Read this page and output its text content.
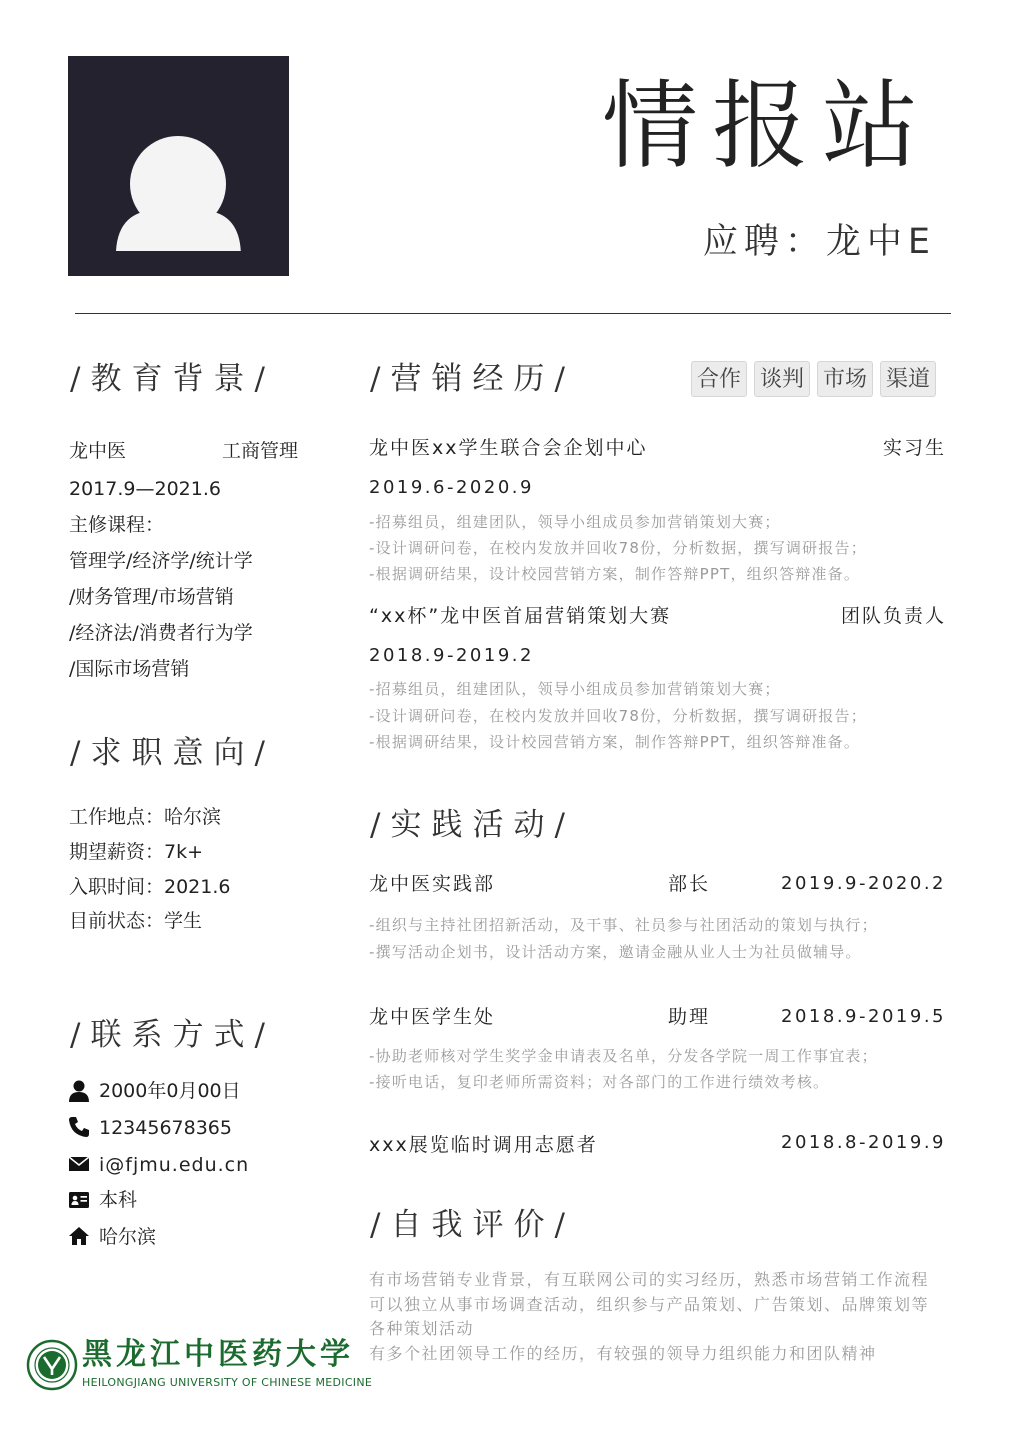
情报站
应聘：龙中E
/教育背景/
龙中医	工商管理
2017.9—2021.6
主修课程：
管理学/经济学/统计学
/财务管理/市场营销
/经济法/消费者行为学
/国际市场营销
/求职意向/
工作地点：哈尔滨
期望薪资：7k+
入职时间：2021.6
目前状态：学生
/联系方式/
2000年0月00日
12345678365
i@fjmu.edu.cn
本科
哈尔滨
/营销经历/	合作 谈判 市场 渠道
龙中医xx学生联合会企划中心	实习生
2019.6-2020.9
-招募组员，组建团队，领导小组成员参加营销策划大赛；
-设计调研问卷，在校内发放并回收78份，分析数据，撰写调研报告；
-根据调研结果，设计校园营销方案，制作答辩PPT，组织答辩准备。
“xx杯”龙中医首届营销策划大赛	团队负责人
2018.9-2019.2
-招募组员，组建团队，领导小组成员参加营销策划大赛；
-设计调研问卷，在校内发放并回收78份，分析数据，撰写调研报告；
-根据调研结果，设计校园营销方案，制作答辩PPT，组织答辩准备。
/实践活动/
龙中医实践部	部长	2019.9-2020.2
-组织与主持社团招新活动，及干事、社员参与社团活动的策划与执行；
-撰写活动企划书，设计活动方案，邀请金融从业人士为社员做辅导。
龙中医学生处	助理	2018.9-2019.5
-协助老师核对学生奖学金申请表及名单，分发各学院一周工作事宜表；
-接听电话，复印老师所需资料；对各部门的工作进行绩效考核。
xxx展览临时调用志愿者	2018.8-2019.9
/自我评价/
有市场营销专业背景，有互联网公司的实习经历，熟悉市场营销工作流程
可以独立从事市场调查活动，组织参与产品策划、广告策划、品牌策划等各种策划活动
有多个社团领导工作的经历，有较强的领导力组织能力和团队精神
黑龙江中医药大学
HEILONGJIANG UNIVERSITY OF CHINESE MEDICINE
